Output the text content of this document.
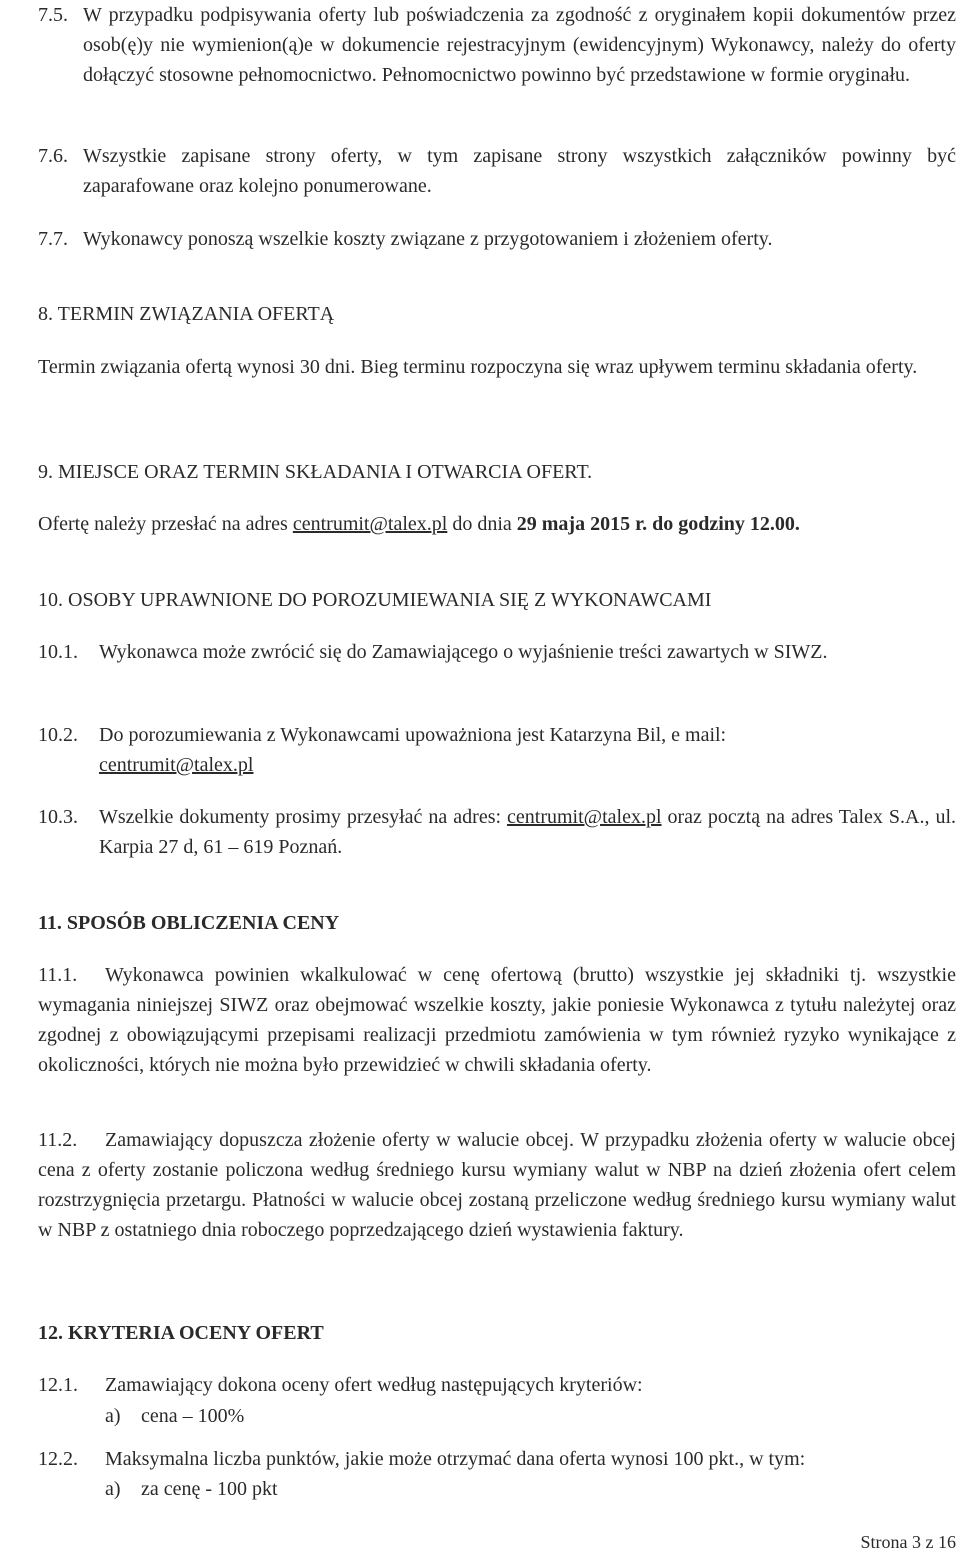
7.5. W przypadku podpisywania oferty lub poświadczenia za zgodność z oryginałem kopii dokumentów przez osob(ę)y nie wymienion(ą)e w dokumencie rejestracyjnym (ewidencyjnym) Wykonawcy, należy do oferty dołączyć stosowne pełnomocnictwo. Pełnomocnictwo powinno być przedstawione w formie oryginału.
7.6. Wszystkie zapisane strony oferty, w tym zapisane strony wszystkich załączników powinny być zaparafowane oraz kolejno ponumerowane.
7.7. Wykonawcy ponoszą wszelkie koszty związane z przygotowaniem i złożeniem oferty.
8. TERMIN ZWIĄZANIA OFERTĄ
Termin związania ofertą wynosi 30 dni. Bieg terminu rozpoczyna się wraz upływem terminu składania oferty.
9. MIEJSCE ORAZ TERMIN SKŁADANIA I OTWARCIA OFERT.
Ofertę należy przesłać na adres centrumit@talex.pl do dnia 29 maja 2015 r. do godziny 12.00.
10. OSOBY UPRAWNIONE DO POROZUMIEWANIA SIĘ Z WYKONAWCAMI
10.1.	Wykonawca może zwrócić się do Zamawiającego o wyjaśnienie treści zawartych w SIWZ.
10.2.	Do porozumiewania z Wykonawcami upoważniona jest Katarzyna Bil, e mail:
centrumit@talex.pl
10.3.	Wszelkie dokumenty prosimy przesyłać na adres: centrumit@talex.pl oraz pocztą na adres Talex S.A., ul. Karpia 27 d, 61 – 619 Poznań.
11. SPOSÓB OBLICZENIA CENY
11.1.	Wykonawca powinien wkalkulować w cenę ofertową (brutto) wszystkie jej składniki tj. wszystkie wymagania niniejszej SIWZ oraz obejmować wszelkie koszty, jakie poniesie Wykonawca z tytułu należytej oraz zgodnej z obowiązującymi przepisami realizacji przedmiotu zamówienia w tym również ryzyko wynikające z okoliczności, których nie można było przewidzieć w chwili składania oferty.
11.2.	Zamawiający dopuszcza złożenie oferty w walucie obcej. W przypadku złożenia oferty w walucie obcej cena z oferty zostanie policzona według średniego kursu wymiany walut w NBP na dzień złożenia ofert celem rozstrzygnięcia przetargu. Płatności w walucie obcej zostaną przeliczone według średniego kursu wymiany walut w NBP z ostatniego dnia roboczego poprzedzającego dzień wystawienia faktury.
12. KRYTERIA OCENY OFERT
12.1.	Zamawiający dokona oceny ofert według następujących kryteriów:
a) cena – 100%
12.2.	Maksymalna liczba punktów, jakie może otrzymać dana oferta wynosi 100 pkt., w tym:
a) za cenę - 100 pkt
Strona 3 z 16
